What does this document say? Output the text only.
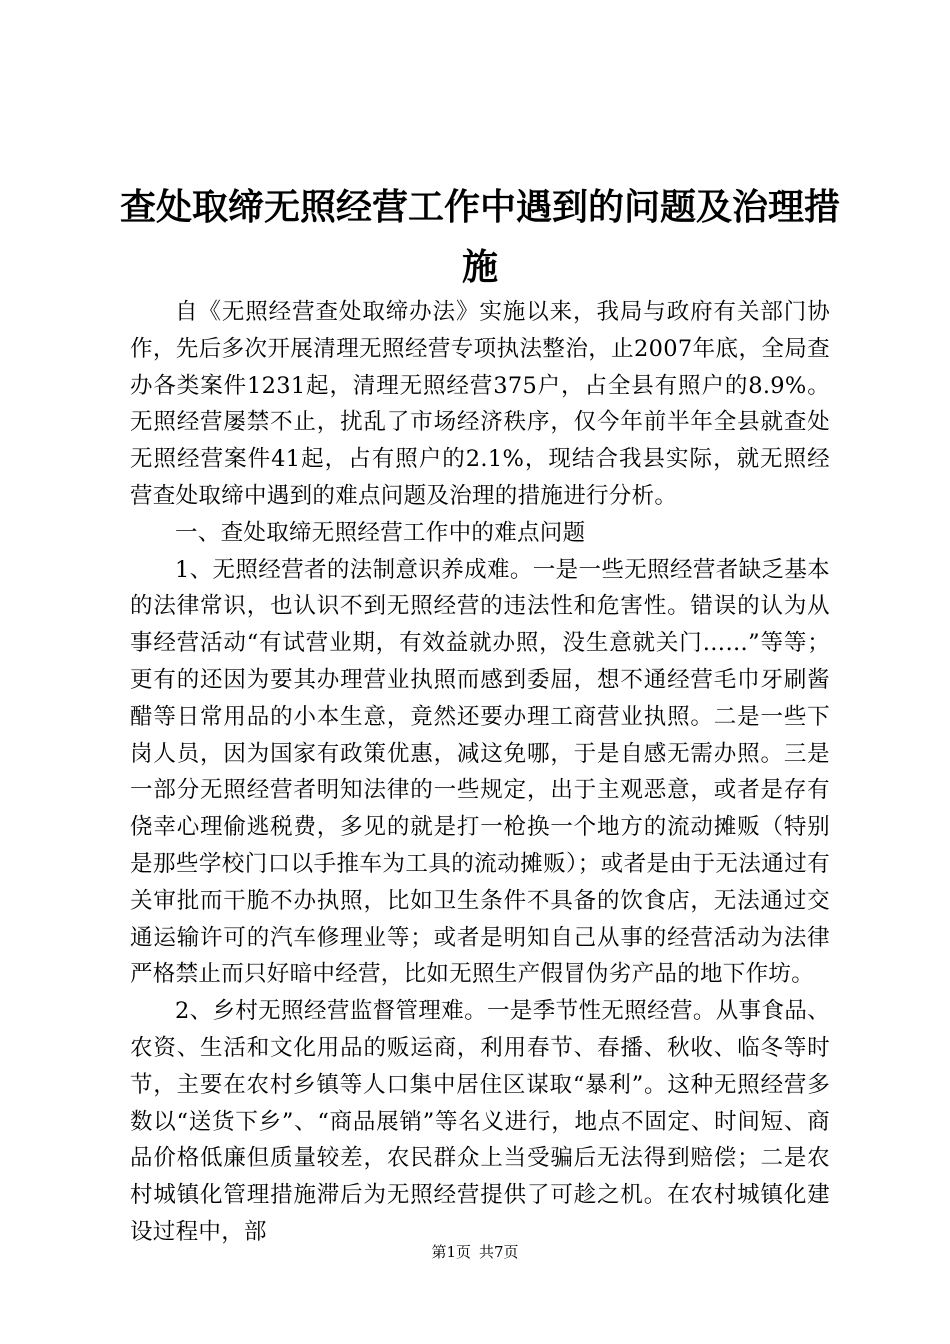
查处取缔无照经营工作中遇到的问题及治理措施

自《无照经营查处取缔办法》实施以来，我局与政府有关部门协作，先后多次开展清理无照经营专项执法整治，止2007年底，全局查办各类案件1231起，清理无照经营375户，占全县有照户的8.9%。无照经营屡禁不止，扰乱了市场经济秩序，仅今年前半年全县就查处无照经营案件41起，占有照户的2.1%，现结合我县实际，就无照经营查处取缔中遇到的难点问题及治理的措施进行分析。

一、查处取缔无照经营工作中的难点问题

1、无照经营者的法制意识养成难。一是一些无照经营者缺乏基本的法律常识，也认识不到无照经营的违法性和危害性。错误的认为从事经营活动“有试营业期，有效益就办照，没生意就关门……”等等；更有的还因为要其办理营业执照而感到委屈，想不通经营毛巾牙刷酱醋等日常用品的小本生意，竟然还要办理工商营业执照。二是一些下岗人员，因为国家有政策优惠，减这免哪，于是自感无需办照。三是一部分无照经营者明知法律的一些规定，出于主观恶意，或者是存有侥幸心理偷逃税费，多见的就是打一枪换一个地方的流动摊贩（特别是那些学校门口以手推车为工具的流动摊贩）；或者是由于无法通过有关审批而干脆不办执照，比如卫生条件不具备的饮食店，无法通过交通运输许可的汽车修理业等；或者是明知自己从事的经营活动为法律严格禁止而只好暗中经营，比如无照生产假冒伪劣产品的地下作坊。

2、乡村无照经营监督管理难。一是季节性无照经营。从事食品、农资、生活和文化用品的贩运商，利用春节、春播、秋收、临冬等时节，主要在农村乡镇等人口集中居住区谋取“暴利”。这种无照经营多数以“送货下乡”、“商品展销”等名义进行，地点不固定、时间短、商品价格低廉但质量较差，农民群众上当受骗后无法得到赔偿；二是农村城镇化管理措施滞后为无照经营提供了可趁之机。在农村城镇化建设过程中，部

第1页 共7页
